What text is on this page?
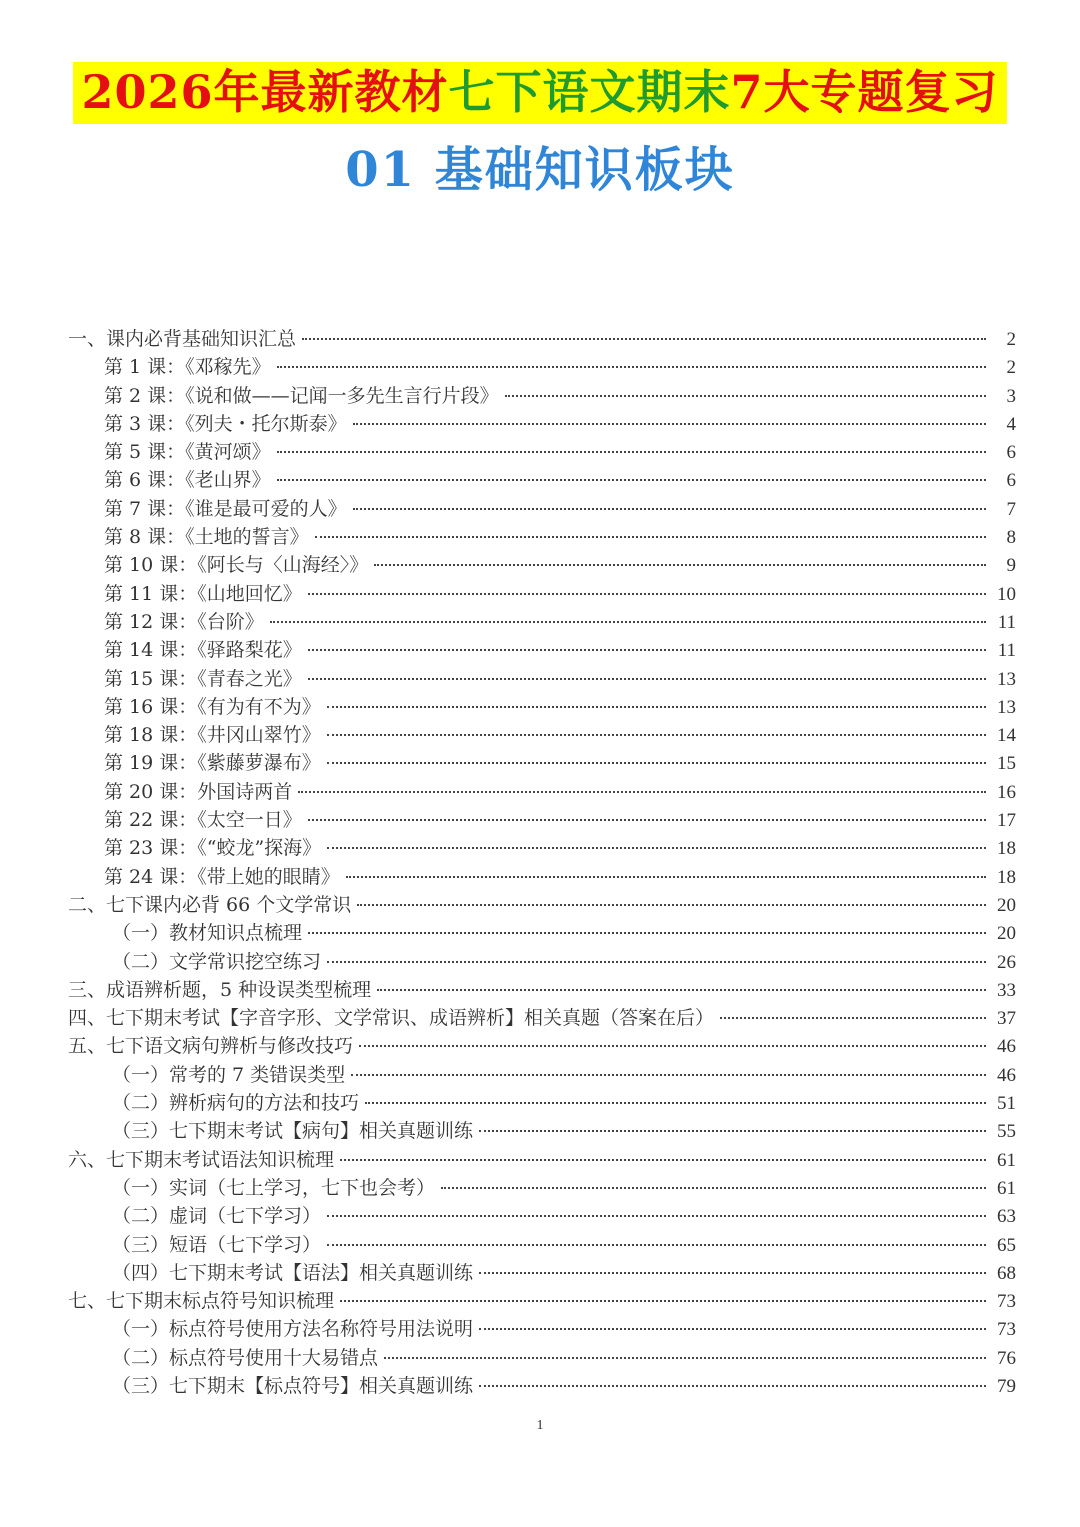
2026年最新教材七下语文期末7大专题复习
01 基础知识板块
一、课内必背基础知识汇总	2
第 1 课：《邓稼先》	2
第 2 课：《说和做——记闻一多先生言行片段》	3
第 3 课：《列夫・托尔斯泰》	4
第 5 课：《黄河颂》	6
第 6 课：《老山界》	6
第 7 课：《谁是最可爱的人》	7
第 8 课：《土地的誓言》	8
第 10 课：《阿长与〈山海经〉》	9
第 11 课：《山地回忆》	10
第 12 课：《台阶》	11
第 14 课：《驿路梨花》	11
第 15 课：《青春之光》	13
第 16 课：《有为有不为》	13
第 18 课：《井冈山翠竹》	14
第 19 课：《紫藤萝瀑布》	15
第 20 课：外国诗两首	16
第 22 课：《太空一日》	17
第 23 课：《“蛟龙”探海》	18
第 24 课：《带上她的眼睛》	18
二、七下课内必背 66 个文学常识	20
（一）教材知识点梳理	20
（二）文学常识挖空练习	26
三、成语辨析题，5 种设误类型梳理	33
四、七下期末考试【字音字形、文学常识、成语辨析】相关真题（答案在后）	37
五、七下语文病句辨析与修改技巧	46
（一）常考的 7 类错误类型	46
（二）辨析病句的方法和技巧	51
（三）七下期末考试【病句】相关真题训练	55
六、七下期末考试语法知识梳理	61
（一）实词（七上学习，七下也会考）	61
（二）虚词（七下学习）	63
（三）短语（七下学习）	65
（四）七下期末考试【语法】相关真题训练	68
七、七下期末标点符号知识梳理	73
（一）标点符号使用方法名称符号用法说明	73
（二）标点符号使用十大易错点	76
（三）七下期末【标点符号】相关真题训练	79
1
